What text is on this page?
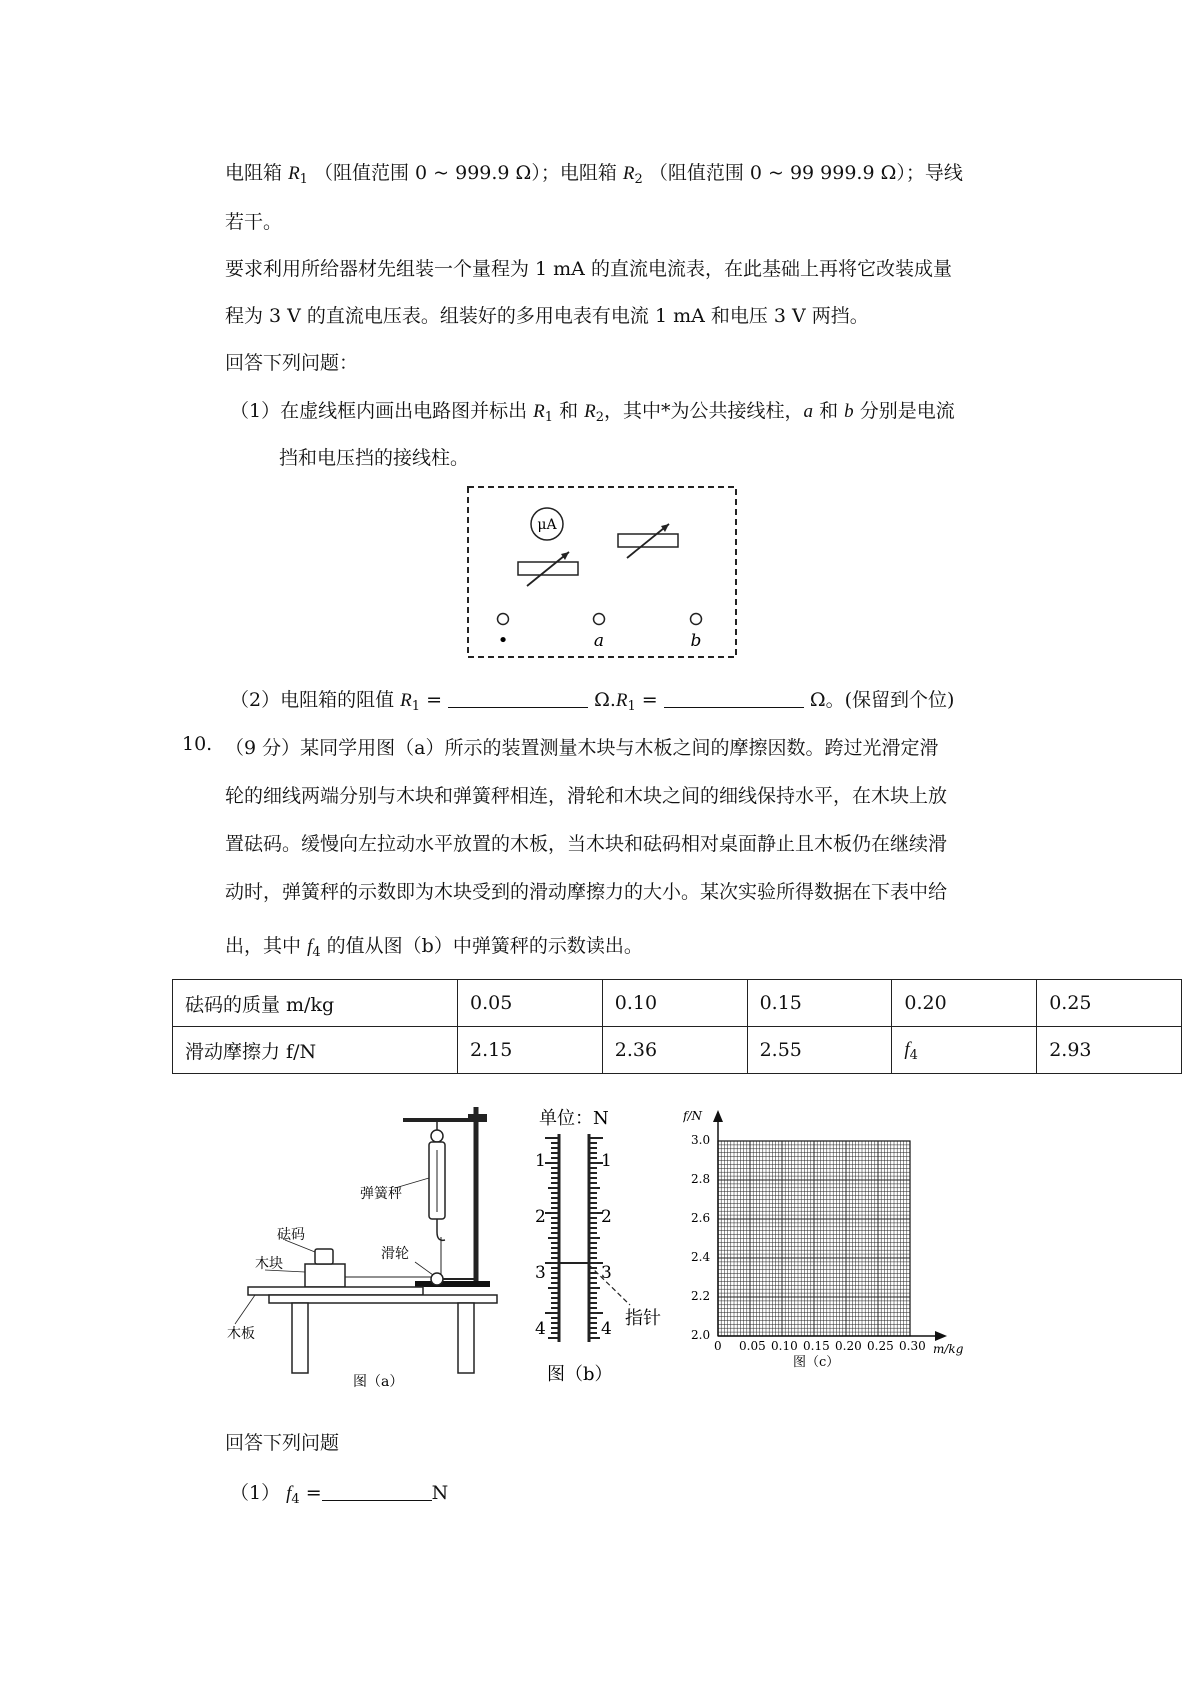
电阻箱 $R_1$ （阻值范围 0 ~ 999.9 Ω）；电阻箱 $R_2$ （阻值范围 0 ~ 99 999.9 Ω）；导线
若干。
要求利用所给器材先组装一个量程为 1 mA 的直流电流表，在此基础上再将它改装成量
程为 3 V 的直流电压表。组装好的多用电表有电流 1 mA 和电压 3 V 两挡。
回答下列问题：
（1）在虚线框内画出电路图并标出 $R_1$ 和 $R_2$，其中*为公共接线柱，a 和 b 分别是电流
挡和电压挡的接线柱。
μA
•	a	b
（2）电阻箱的阻值 $R_1$ =	$\Omega.R_1$ =	Ω。(保留到个位)
10. （9 分）某同学用图（a）所示的装置测量木块与木板之间的摩擦因数。跨过光滑定滑
轮的细线两端分别与木块和弹簧秤相连，滑轮和木块之间的细线保持水平，在木块上放
置砝码。缓慢向左拉动水平放置的木板，当木块和砝码相对桌面静止且木板仍在继续滑
动时，弹簧秤的示数即为木块受到的滑动摩擦力的大小。某次实验所得数据在下表中给
出，其中 $f_4$ 的值从图（b）中弹簧秤的示数读出。
砝码的质量 m/kg	0.05	0.10	0.15	0.20	0.25
滑动摩擦力 f/N	2.15	2.36	2.55	$f_4$	2.93
弹簧秤
砝码
木块
滑轮
木板
图（a）
单位：N
1
2
3
4
1
2
3
4 指针
图（b）
f/N
m/kg
3.0
2.8
2.6
2.4
2.2
2.0
0 0.05 0.10 0.15 0.20 0.25 0.30
图（c）
回答下列问题
（1） $f_4$ =	N
